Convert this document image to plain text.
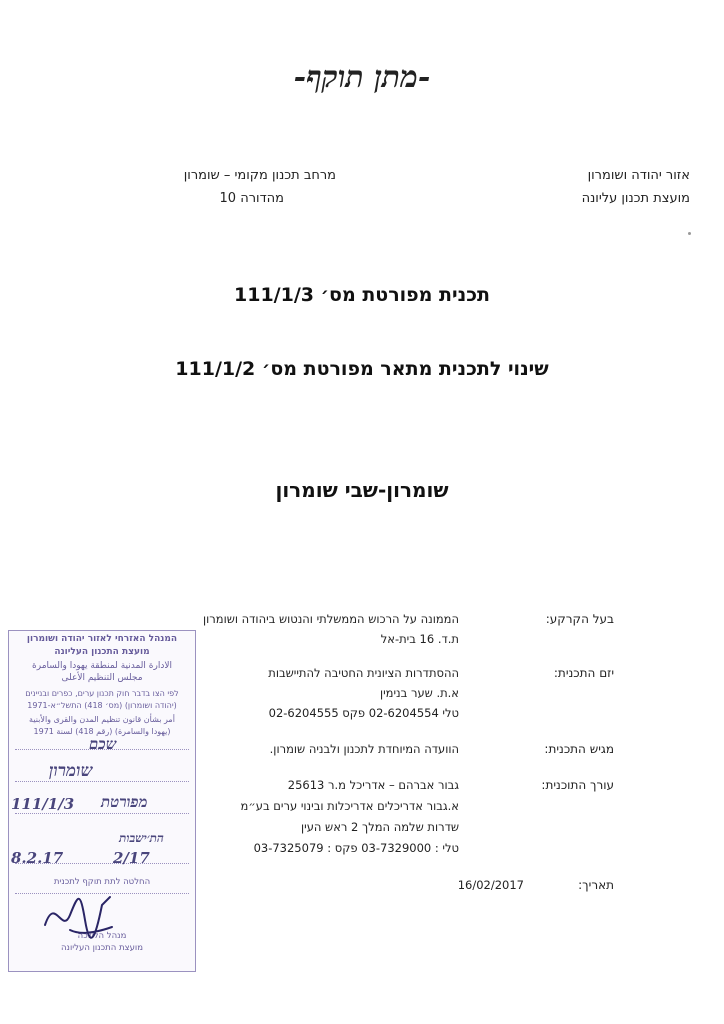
-מתן תוקף-
אזור יהודה ושומרון
מועצת תכנון עליונה
מרחב תכנון מקומי – שומרון
מהדורה 10
תכנית מפורטת מס׳ 111/1/3
שינוי לתכנית מתאר מפורטת מס׳ 111/1/2
שומרון-שבי שומרון
בעל הקרקע:
הממונה על הרכוש הממשלתי והנטוש ביהודה ושומרון
ת.ד. 16 בית-אל
יזם התכנית:
ההסתדרות הציונית החטיבה להתיישבות
א.ת. שער בנימין
טלי 02-6204554 פקס 02-6204555
מגיש התכנית:
הוועדה המיוחדת לתכנון ולבניה שומרון.
עורך התוכנית:
גבור אברהם – אדריכל מ.ר 25613
א.גבור אדריכלים אדריכלות ובינוי ערים בע״מ
שדרות שלמה המלך 2 ראש העין
טלי : 03-7329000 פקס : 03-7325079
תאריך:
16/02/2017
המנהל האזרחי לאזור יהודה ושומרון
מועצת התכנון העליונה
الادارة المدنية لمنطقة يهودا والسامرة
مجلس التنظيم الأعلى
לפי הצו בדבר חוק תכנון ערים, כפרים ובניינים
(יהודה ושומרון) (מס׳ 418) התשל״א-1971
أمر بشأن قانون تنظيم المدن والقرى والأبنية
(يهودا والسامرة) (رقم 418) لسنة 1971
שכם
שומרון
111/1/3 מפורטת
הת׳ישבות
8.2.17	2/17
החלטה לתת תוקף לתכנית
מנהל הלשכה
מועצת התכנון העליונה
